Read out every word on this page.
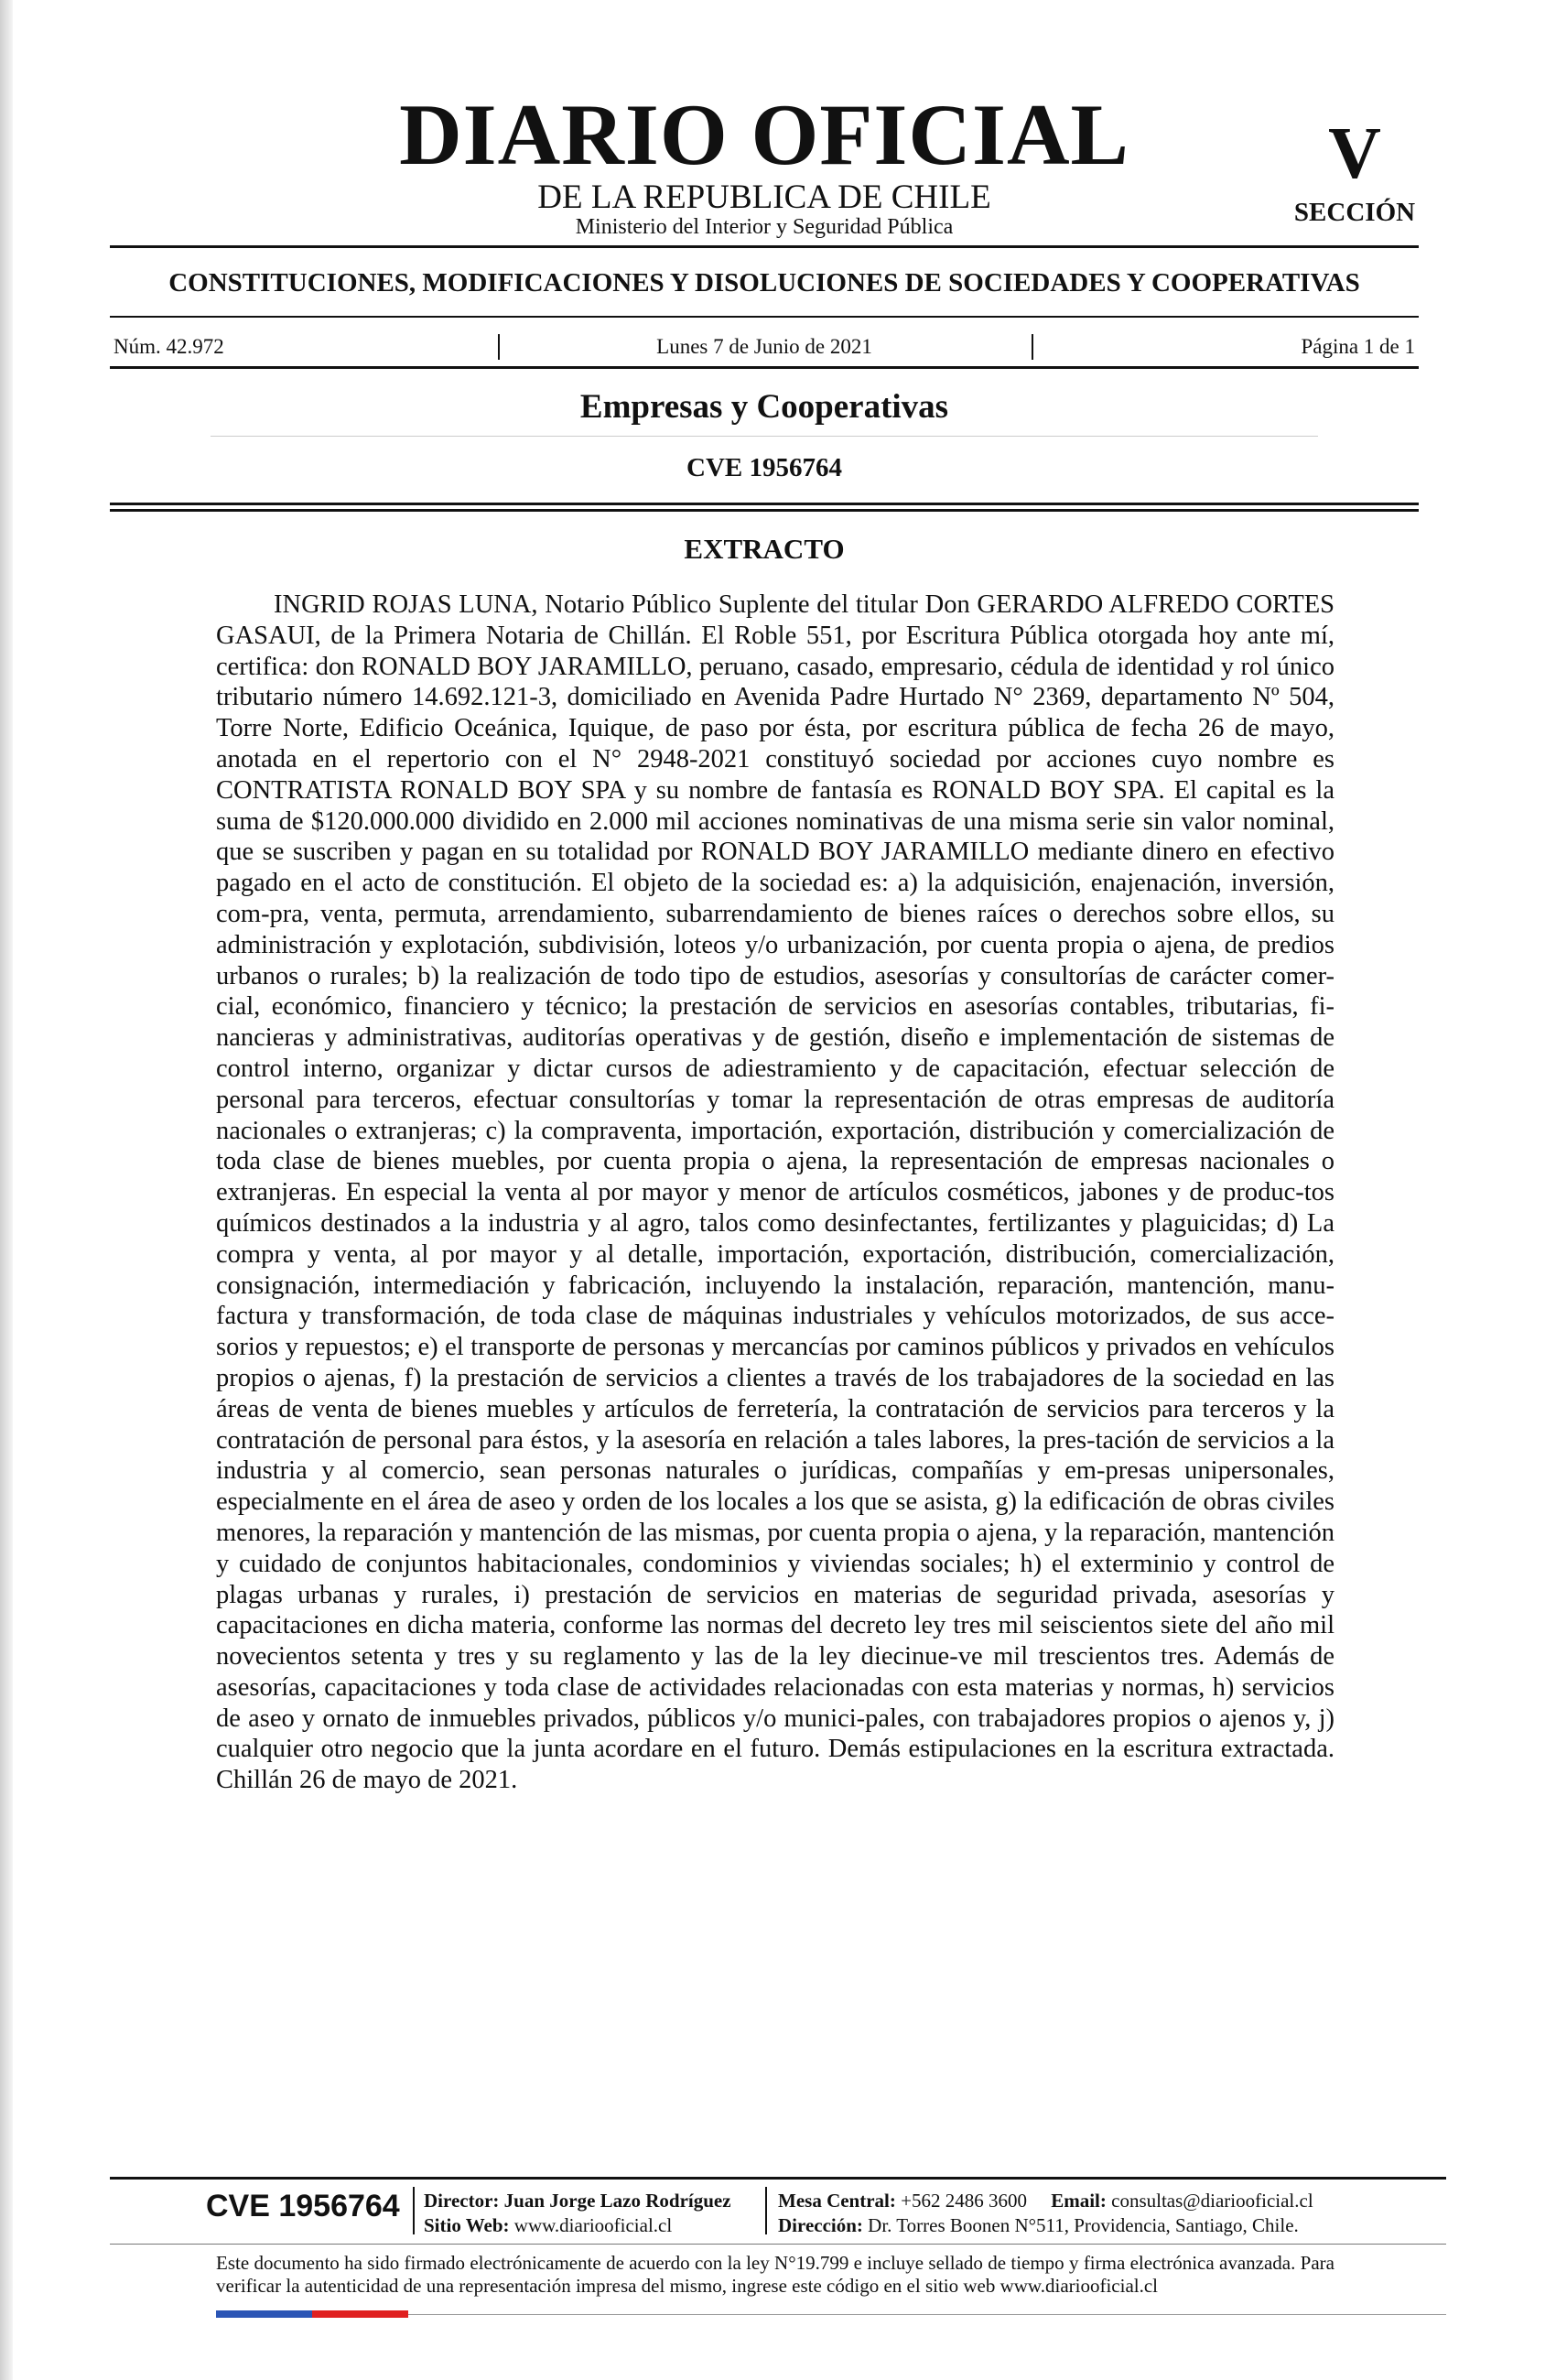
DIARIO OFICIAL
DE LA REPUBLICA DE CHILE
Ministerio del Interior y Seguridad Pública
V
SECCIÓN
CONSTITUCIONES, MODIFICACIONES Y DISOLUCIONES DE SOCIEDADES Y COOPERATIVAS
Núm. 42.972	Lunes 7 de Junio de 2021	Página 1 de 1
Empresas y Cooperativas
CVE 1956764
EXTRACTO

INGRID ROJAS LUNA, Notario Público Suplente del titular Don GERARDO ALFREDO CORTES GASAUI, de la Primera Notaria de Chillán. El Roble 551, por Escritura Pública otorgada hoy ante mí, certifica: don RONALD BOY JARAMILLO, peruano, casado, empresario, cédula de identidad y rol único tributario número 14.692.121-3, domiciliado en Avenida Padre Hurtado N° 2369, departamento Nº 504, Torre Norte, Edificio Oceánica, Iquique, de paso por ésta, por escritura pública de fecha 26 de mayo, anotada en el repertorio con el N° 2948-2021 constituyó sociedad por acciones cuyo nombre es CONTRATISTA RONALD BOY SPA y su nombre de fantasía es RONALD BOY SPA. El capital es la suma de $120.000.000 dividido en 2.000 mil acciones nominativas de una misma serie sin valor nominal, que se suscriben y pagan en su totalidad por RONALD BOY JARAMILLO mediante dinero en efectivo pagado en el acto de constitución. El objeto de la sociedad es: a) la adquisición, enajenación, inversión, com-pra, venta, permuta, arrendamiento, subarrendamiento de bienes raíces o derechos sobre ellos, su administración y explotación, subdivisión, loteos y/o urbanización, por cuenta propia o ajena, de predios urbanos o rurales; b) la realización de todo tipo de estudios, asesorías y consultorías de carácter comer-cial, económico, financiero y técnico; la prestación de servicios en asesorías contables, tributarias, fi-nancieras y administrativas, auditorías operativas y de gestión, diseño e implementación de sistemas de control interno, organizar y dictar cursos de adiestramiento y de capacitación, efectuar selección de personal para terceros, efectuar consultorías y tomar la representación de otras empresas de auditoría nacionales o extranjeras; c) la compraventa, importación, exportación, distribución y comercialización de toda clase de bienes muebles, por cuenta propia o ajena, la representación de empresas nacionales o extranjeras. En especial la venta al por mayor y menor de artículos cosméticos, jabones y de produc-tos químicos destinados a la industria y al agro, talos como desinfectantes, fertilizantes y plaguicidas; d) La compra y venta, al por mayor y al detalle, importación, exportación, distribución, comercialización, consignación, intermediación y fabricación, incluyendo la instalación, reparación, mantención, manu-factura y transformación, de toda clase de máquinas industriales y vehículos motorizados, de sus acce-sorios y repuestos; e) el transporte de personas y mercancías por caminos públicos y privados en vehículos propios o ajenas, f) la prestación de servicios a clientes a través de los trabajadores de la sociedad en las áreas de venta de bienes muebles y artículos de ferretería, la contratación de servicios para terceros y la contratación de personal para éstos, y la asesoría en relación a tales labores, la pres-tación de servicios a la industria y al comercio, sean personas naturales o jurídicas, compañías y em-presas unipersonales, especialmente en el área de aseo y orden de los locales a los que se asista, g) la edificación de obras civiles menores, la reparación y mantención de las mismas, por cuenta propia o ajena, y la reparación, mantención y cuidado de conjuntos habitacionales, condominios y viviendas sociales; h) el exterminio y control de plagas urbanas y rurales, i) prestación de servicios en materias de seguridad privada, asesorías y capacitaciones en dicha materia, conforme las normas del decreto ley tres mil seiscientos siete del año mil novecientos setenta y tres y su reglamento y las de la ley diecinue-ve mil trescientos tres. Además de asesorías, capacitaciones y toda clase de actividades relacionadas con esta materias y normas, h) servicios de aseo y ornato de inmuebles privados, públicos y/o munici-pales, con trabajadores propios o ajenos y, j) cualquier otro negocio que la junta acordare en el futuro. Demás estipulaciones en la escritura extractada. Chillán 26 de mayo de 2021.

CVE 1956764 Director: Juan Jorge Lazo Rodríguez
Sitio Web: www.diariooficial.cl
Mesa Central: +562 2486 3600 Email: consultas@diariooficial.cl
Dirección: Dr. Torres Boonen N°511, Providencia, Santiago, Chile.

Este documento ha sido firmado electrónicamente de acuerdo con la ley N°19.799 e incluye sellado de tiempo y firma electrónica avanzada. Para verificar la autenticidad de una representación impresa del mismo, ingrese este código en el sitio web www.diariooficial.cl
